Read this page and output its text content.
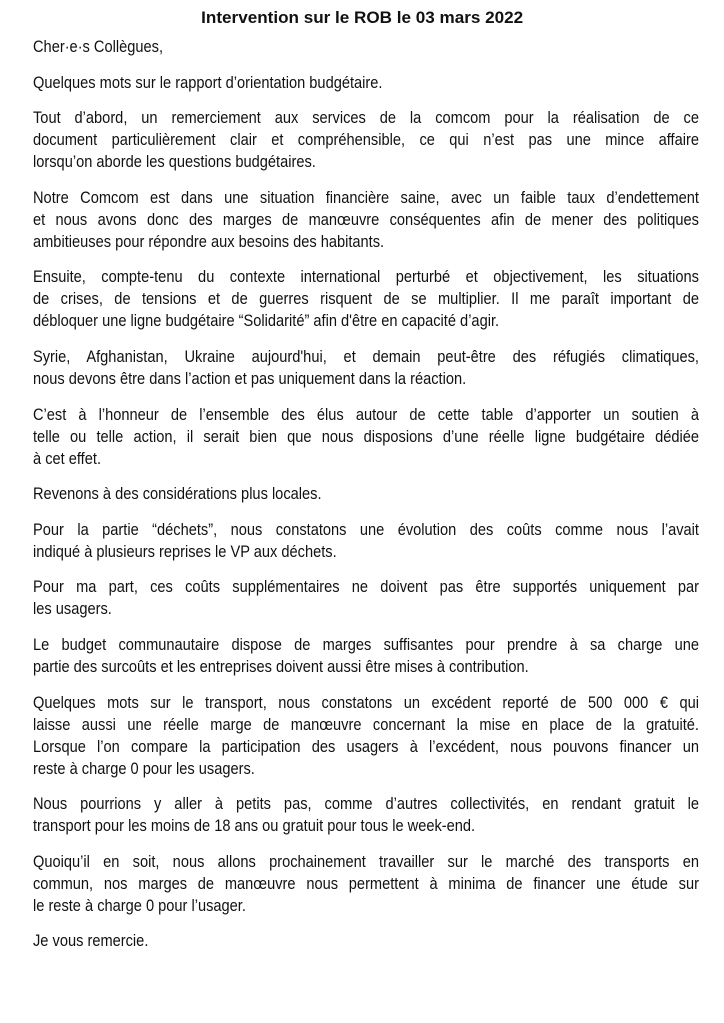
Intervention sur le ROB le 03 mars 2022
Cher·e·s Collègues,
Quelques mots sur le rapport d’orientation budgétaire.
Tout d’abord, un remerciement aux services de la comcom pour la réalisation de ce
document particulièrement clair et compréhensible, ce qui n’est pas une mince affaire
lorsqu’on aborde les questions budgétaires.
Notre Comcom est dans une situation financière saine, avec un faible taux d’endettement
et nous avons donc des marges de manœuvre conséquentes afin de mener des politiques
ambitieuses pour répondre aux besoins des habitants.
Ensuite, compte-tenu du contexte international perturbé et objectivement, les situations
de crises, de tensions et de guerres risquent de se multiplier. Il me paraît important de
débloquer une ligne budgétaire “Solidarité” afin d'être en capacité d’agir.
Syrie, Afghanistan, Ukraine aujourd'hui, et demain peut-être des réfugiés climatiques,
nous devons être dans l’action et pas uniquement dans la réaction.
C’est à l’honneur de l’ensemble des élus autour de cette table d’apporter un soutien à
telle ou telle action, il serait bien que nous disposions d’une réelle ligne budgétaire dédiée
à cet effet.
Revenons à des considérations plus locales.
Pour la partie “déchets”, nous constatons une évolution des coûts comme nous l’avait
indiqué à plusieurs reprises le VP aux déchets.
Pour ma part, ces coûts supplémentaires ne doivent pas être supportés uniquement par
les usagers.
Le budget communautaire dispose de marges suffisantes pour prendre à sa charge une
partie des surcoûts et les entreprises doivent aussi être mises à contribution.
Quelques mots sur le transport, nous constatons un excédent reporté de 500 000 € qui
laisse aussi une réelle marge de manœuvre concernant la mise en place de la gratuité.
Lorsque l’on compare la participation des usagers à l’excédent, nous pouvons financer un
reste à charge 0 pour les usagers.
Nous pourrions y aller à petits pas, comme d’autres collectivités, en rendant gratuit le
transport pour les moins de 18 ans ou gratuit pour tous le week-end.
Quoiqu’il en soit, nous allons prochainement travailler sur le marché des transports en
commun, nos marges de manœuvre nous permettent à minima de financer une étude sur
le reste à charge 0 pour l’usager.
Je vous remercie.
